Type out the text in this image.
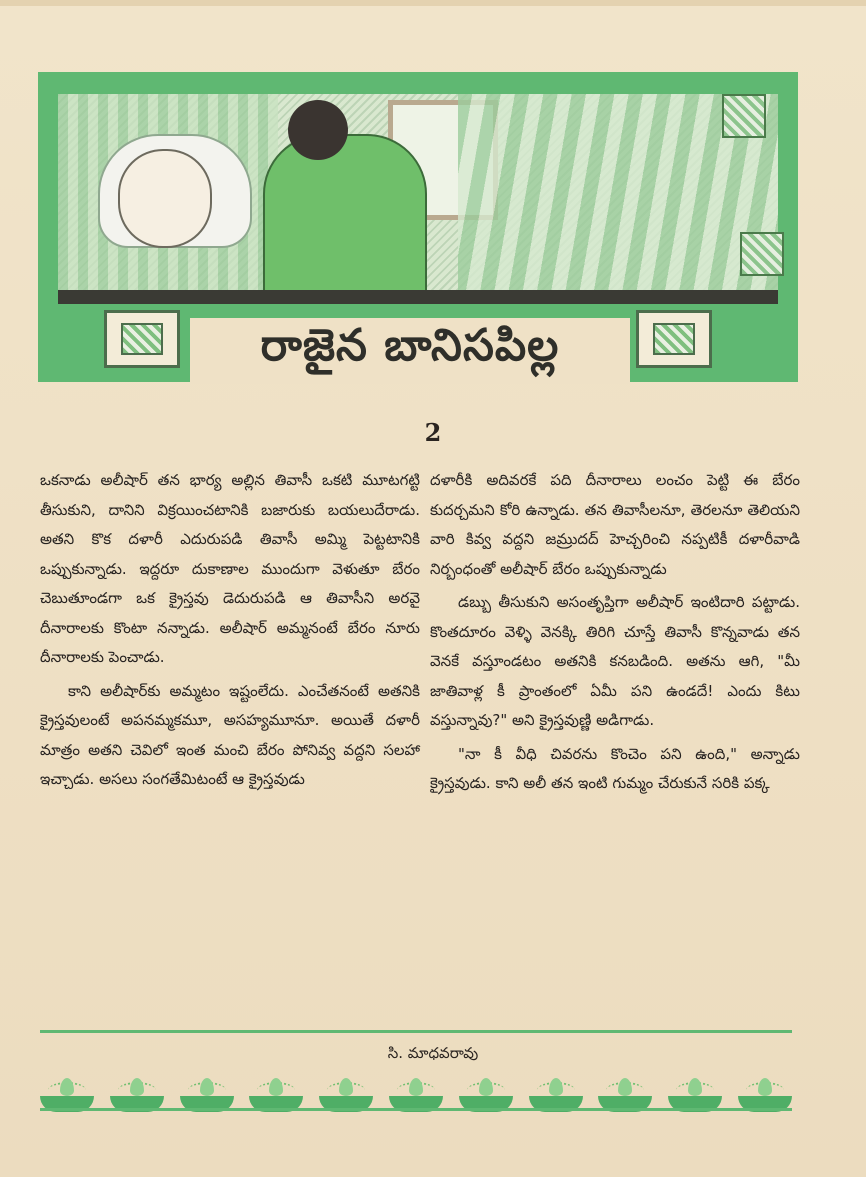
రాజైన బానిసపిల్ల
2

ఒకనాడు అలీషార్ తన భార్య అల్లిన తివాసీ ఒకటి మూటగట్టి తీసుకుని, దానిని విక్రయించటానికి బజారుకు బయలుదేరాడు. అతని కొక దళారీ ఎదురుపడి తివాసీ అమ్మి పెట్టటానికి ఒప్పుకున్నాడు. ఇద్దరూ దుకాణాల ముందుగా వెళుతూ బేరం చెబుతూండగా ఒక క్రైస్తవు డెదురుపడి ఆ తివాసీని అరవై దీనారాలకు కొంటా నన్నాడు. అలీషార్ అమ్మనంటే బేరం నూరు దీనారాలకు పెంచాడు.

కాని అలీషార్‌కు అమ్మటం ఇష్టంలేదు. ఎంచేతనంటే అతనికి క్రైస్తవులంటే అపనమ్మకమూ, అసహ్యమూనూ. అయితే దళారీ మాత్రం అతని చెవిలో ఇంత మంచి బేరం పోనివ్వ వద్దని సలహా ఇచ్చాడు. అసలు సంగతేమిటంటే ఆ క్రైస్తవుడు

దళారీకి అదివరకే పది దీనారాలు లంచం పెట్టి ఈ బేరం కుదర్చమని కోరి ఉన్నాడు. తన తివాసీలనూ, తెరలనూ తెలియని వారి కివ్వ వద్దని జమ్రుదద్ హెచ్చరించి నప్పటికీ దళారీవాడి నిర్బంధంతో అలీషార్ బేరం ఒప్పుకున్నాడు

డబ్బు తీసుకుని అసంతృప్తిగా అలీషార్ ఇంటిదారి పట్టాడు. కొంతదూరం వెళ్ళి వెనక్కి తిరిగి చూస్తే తివాసీ కొన్నవాడు తన వెనకే వస్తూండటం అతనికి కనబడింది. అతను ఆగి, "మీ జాతివాళ్ల కీ ప్రాంతంలో ఏమీ పని ఉండదే! ఎందు కిటు వస్తున్నావు?" అని క్రైస్తవుణ్ణి అడిగాడు.

"నా కీ వీధి చివరను కొంచెం పని ఉంది," అన్నాడు క్రైస్తవుడు. కాని అలీ తన ఇంటి గుమ్మం చేరుకునే సరికి పక్క

సి. మాధవరావు
